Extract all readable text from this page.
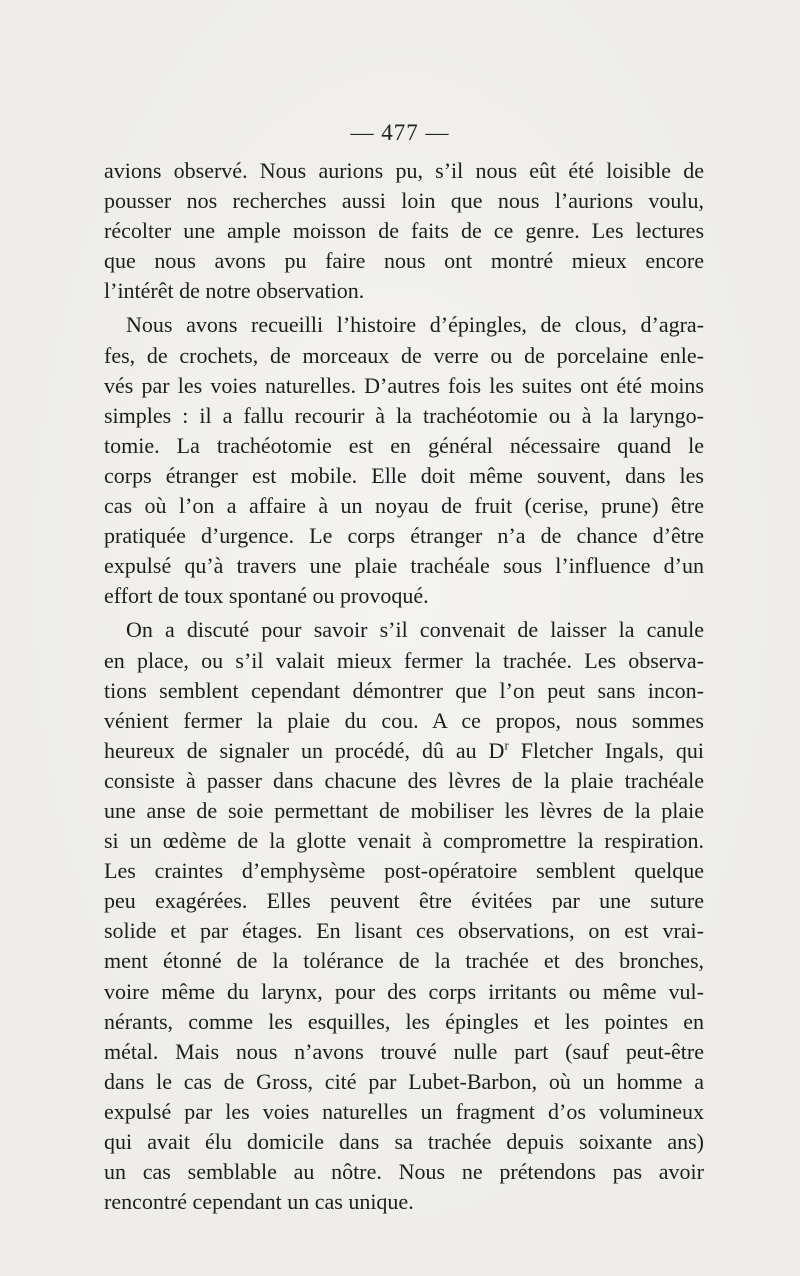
— 477 —
avions observé. Nous aurions pu, s’il nous eût été loisible de
pousser nos recherches aussi loin que nous l’aurions voulu,
récolter une ample moisson de faits de ce genre. Les lectures
que nous avons pu faire nous ont montré mieux encore
l’intérêt de notre observation.
Nous avons recueilli l’histoire d’épingles, de clous, d’agra-
fes, de crochets, de morceaux de verre ou de porcelaine enle-
vés par les voies naturelles. D’autres fois les suites ont été moins
simples : il a fallu recourir à la trachéotomie ou à la laryngo-
tomie. La trachéotomie est en général nécessaire quand le
corps étranger est mobile. Elle doit même souvent, dans les
cas où l’on a affaire à un noyau de fruit (cerise, prune) être
pratiquée d’urgence. Le corps étranger n’a de chance d’être
expulsé qu’à travers une plaie trachéale sous l’influence d’un
effort de toux spontané ou provoqué.
On a discuté pour savoir s’il convenait de laisser la canule
en place, ou s’il valait mieux fermer la trachée. Les observa-
tions semblent cependant démontrer que l’on peut sans incon-
vénient fermer la plaie du cou. A ce propos, nous sommes
heureux de signaler un procédé, dû au $D^r$ Fletcher Ingals, qui
consiste à passer dans chacune des lèvres de la plaie trachéale
une anse de soie permettant de mobiliser les lèvres de la plaie
si un œdème de la glotte venait à compromettre la respiration.
Les craintes d’emphysème post-opératoire semblent quelque
peu exagérées. Elles peuvent être évitées par une suture
solide et par étages. En lisant ces observations, on est vrai-
ment étonné de la tolérance de la trachée et des bronches,
voire même du larynx, pour des corps irritants ou même vul-
nérants, comme les esquilles, les épingles et les pointes en
métal. Mais nous n’avons trouvé nulle part (sauf peut-être
dans le cas de Gross, cité par Lubet-Barbon, où un homme a
expulsé par les voies naturelles un fragment d’os volumineux
qui avait élu domicile dans sa trachée depuis soixante ans)
un cas semblable au nôtre. Nous ne prétendons pas avoir
rencontré cependant un cas unique.
